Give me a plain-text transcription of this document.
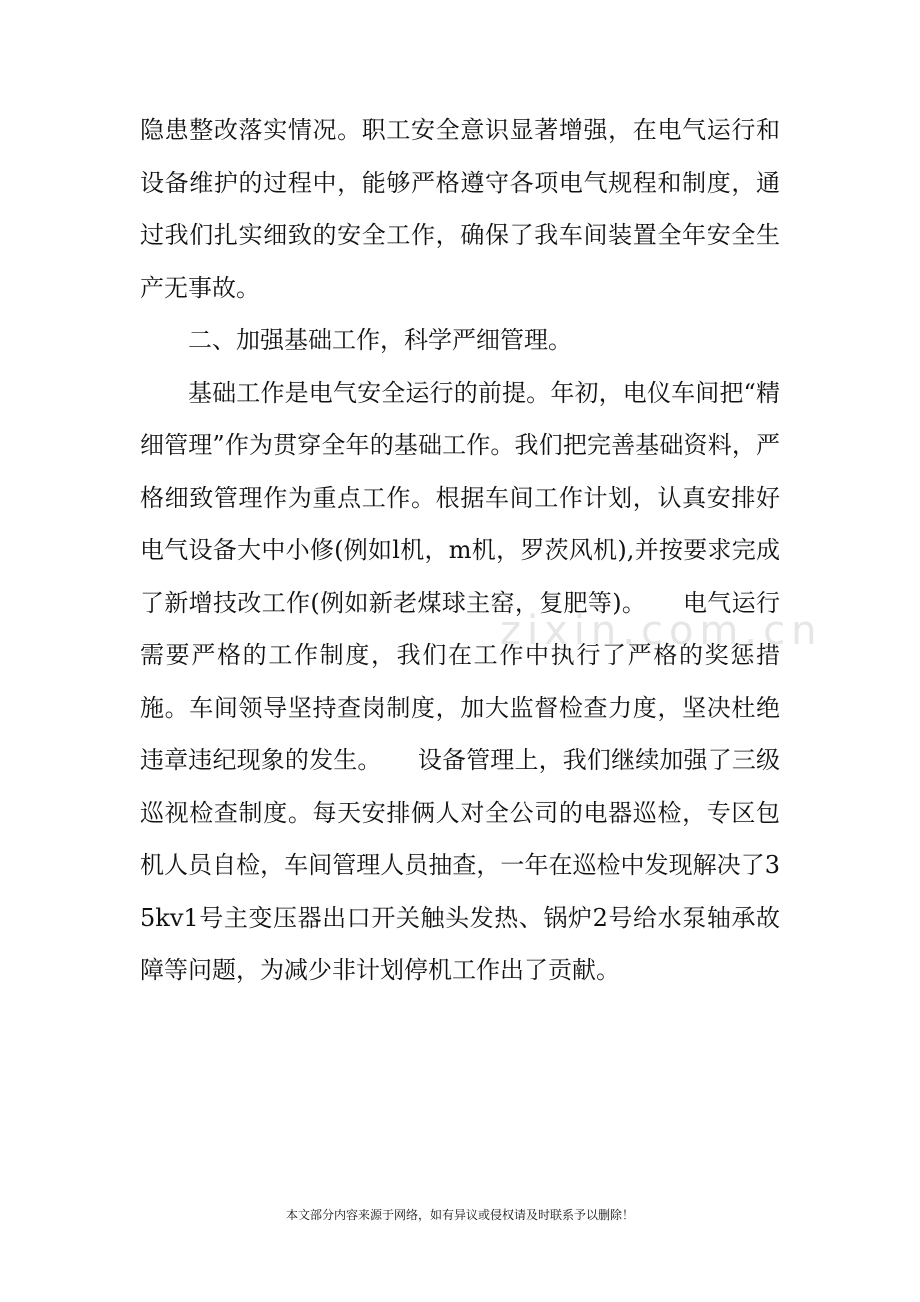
隐患整改落实情况。职工安全意识显著增强，在电气运行和设备维护的过程中，能够严格遵守各项电气规程和制度，通过我们扎实细致的安全工作，确保了我车间装置全年安全生产无事故。

二、加强基础工作，科学严细管理。

基础工作是电气安全运行的前提。年初，电仪车间把“精细管理”作为贯穿全年的基础工作。我们把完善基础资料，严格细致管理作为重点工作。根据车间工作计划，认真安排好电气设备大中小修(例如l机，m机，罗茨风机),并按要求完成了新增技改工作(例如新老煤球主窑，复肥等)。　　电气运行需要严格的工作制度，我们在工作中执行了严格的奖惩措施。车间领导坚持查岗制度，加大监督检查力度，坚决杜绝违章违纪现象的发生。　　设备管理上，我们继续加强了三级巡视检查制度。每天安排俩人对全公司的电器巡检，专区包机人员自检，车间管理人员抽查，一年在巡检中发现解决了35kv1号主变压器出口开关触头发热、锅炉2号给水泵轴承故障等问题，为减少非计划停机工作出了贡献。

zixin.com.cn
本文部分内容来源于网络，如有异议或侵权请及时联系予以删除！
